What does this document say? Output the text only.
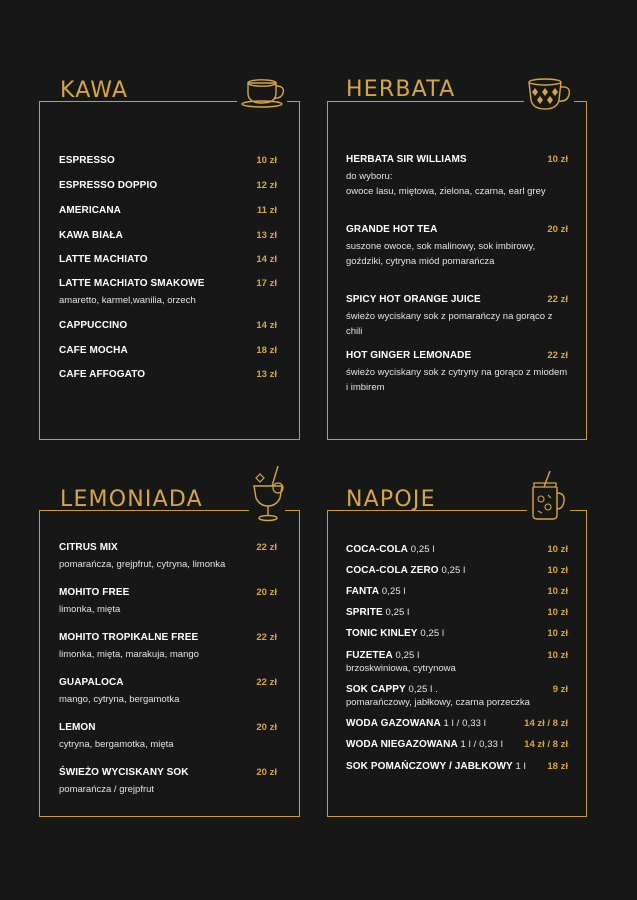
KAWA
ESPRESSO	10 zł
ESPRESSO DOPPIO	12 zł
AMERICANA	11 zł
KAWA BIAŁA	13 zł
LATTE MACHIATO	14 zł
LATTE MACHIATO SMAKOWE	17 zł
amaretto, karmel,wanilia, orzech
CAPPUCCINO	14 zł
CAFE MOCHA	18 zł
CAFE AFFOGATO	13 zł
HERBATA
HERBATA SIR WILLIAMS	10 zł
do wyboru:
owoce lasu, miętowa, zielona, czarna, earl grey
GRANDE HOT TEA	20 zł
suszone owoce, sok malinowy, sok imbirowy,
goździki, cytryna miód pomarańcza
SPICY HOT ORANGE JUICE	22 zł
świeżo wyciskany sok z pomarańczy na gorąco z chili
HOT GINGER LEMONADE	22 zł
świeżo wyciskany sok z cytryny na gorąco z miodem
i imbirem
LEMONIADA
CITRUS MIX	22 zł
pomarańcza, grejpfrut, cytryna, limonka
MOHITO FREE	20 zł
limonka, mięta
MOHITO TROPIKALNE FREE	22 zł
limonka, mięta, marakuja, mango
GUAPALOCA	22 zł
mango, cytryna, bergamotka
LEMON	20 zł
cytryna, bergamotka, mięta
ŚWIEŻO WYCISKANY SOK	20 zł
pomarańcza / grejpfrut
NAPOJE
COCA-COLA 0,25 l	10 zł
COCA-COLA ZERO 0,25 l	10 zł
FANTA 0,25 l	10 zł
SPRITE 0,25 l	10 zł
TONIC KINLEY 0,25 l	10 zł
FUZETEA 0,25 l	10 zł
brzoskwiniowa, cytrynowa
SOK CAPPY 0,25 l .	9 zł
pomarańczowy, jabłkowy, czarna porzeczka
WODA GAZOWANA 1 l / 0,33 l	14 zł / 8 zł
WODA NIEGAZOWANA 1 l / 0,33 l	14 zł / 8 zł
SOK POMAŃCZOWY / JABŁKOWY 1 l	18 zł
